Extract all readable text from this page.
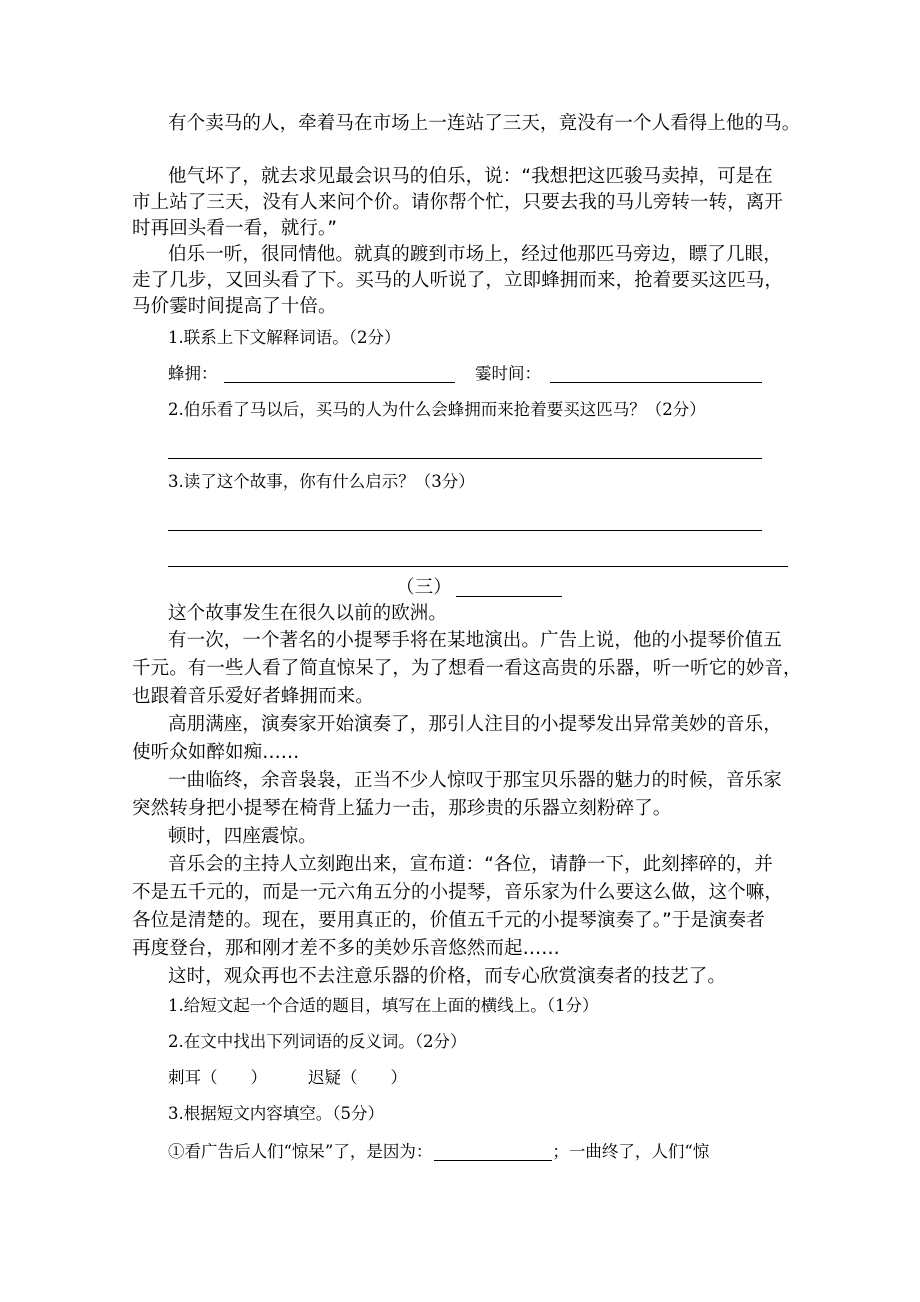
有个卖马的人，牵着马在市场上一连站了三天，竟没有一个人看得上他的马。
他气坏了，就去求见最会识马的伯乐，说：“我想把这匹骏马卖掉，可是在
市上站了三天，没有人来问个价。请你帮个忙，只要去我的马儿旁转一转，离开
时再回头看一看，就行。”
伯乐一听，很同情他。就真的踱到市场上，经过他那匹马旁边，瞟了几眼，
走了几步，又回头看了下。买马的人听说了，立即蜂拥而来，抢着要买这匹马，
马价霎时间提高了十倍。
1.联系上下文解释词语。（2分）
蜂拥：	霎时间：
2.伯乐看了马以后，买马的人为什么会蜂拥而来抢着要买这匹马？（2分）
3.读了这个故事，你有什么启示？（3分）
（三）
这个故事发生在很久以前的欧洲。
有一次，一个著名的小提琴手将在某地演出。广告上说，他的小提琴价值五
千元。有一些人看了简直惊呆了，为了想看一看这高贵的乐器，听一听它的妙音，
也跟着音乐爱好者蜂拥而来。
高朋满座，演奏家开始演奏了，那引人注目的小提琴发出异常美妙的音乐，
使听众如醉如痴……
一曲临终，余音袅袅，正当不少人惊叹于那宝贝乐器的魅力的时候，音乐家
突然转身把小提琴在椅背上猛力一击，那珍贵的乐器立刻粉碎了。
顿时，四座震惊。
音乐会的主持人立刻跑出来，宣布道：“各位，请静一下，此刻摔碎的，并
不是五千元的，而是一元六角五分的小提琴，音乐家为什么要这么做，这个嘛，
各位是清楚的。现在，要用真正的，价值五千元的小提琴演奏了。”于是演奏者
再度登台，那和刚才差不多的美妙乐音悠然而起……
这时，观众再也不去注意乐器的价格，而专心欣赏演奏者的技艺了。
1.给短文起一个合适的题目，填写在上面的横线上。（1分）
2.在文中找出下列词语的反义词。（2分）
刺耳（　　） 迟疑（　　）
3.根据短文内容填空。（5分）
①看广告后人们“惊呆”了，是因为：	；一曲终了，人们“惊
